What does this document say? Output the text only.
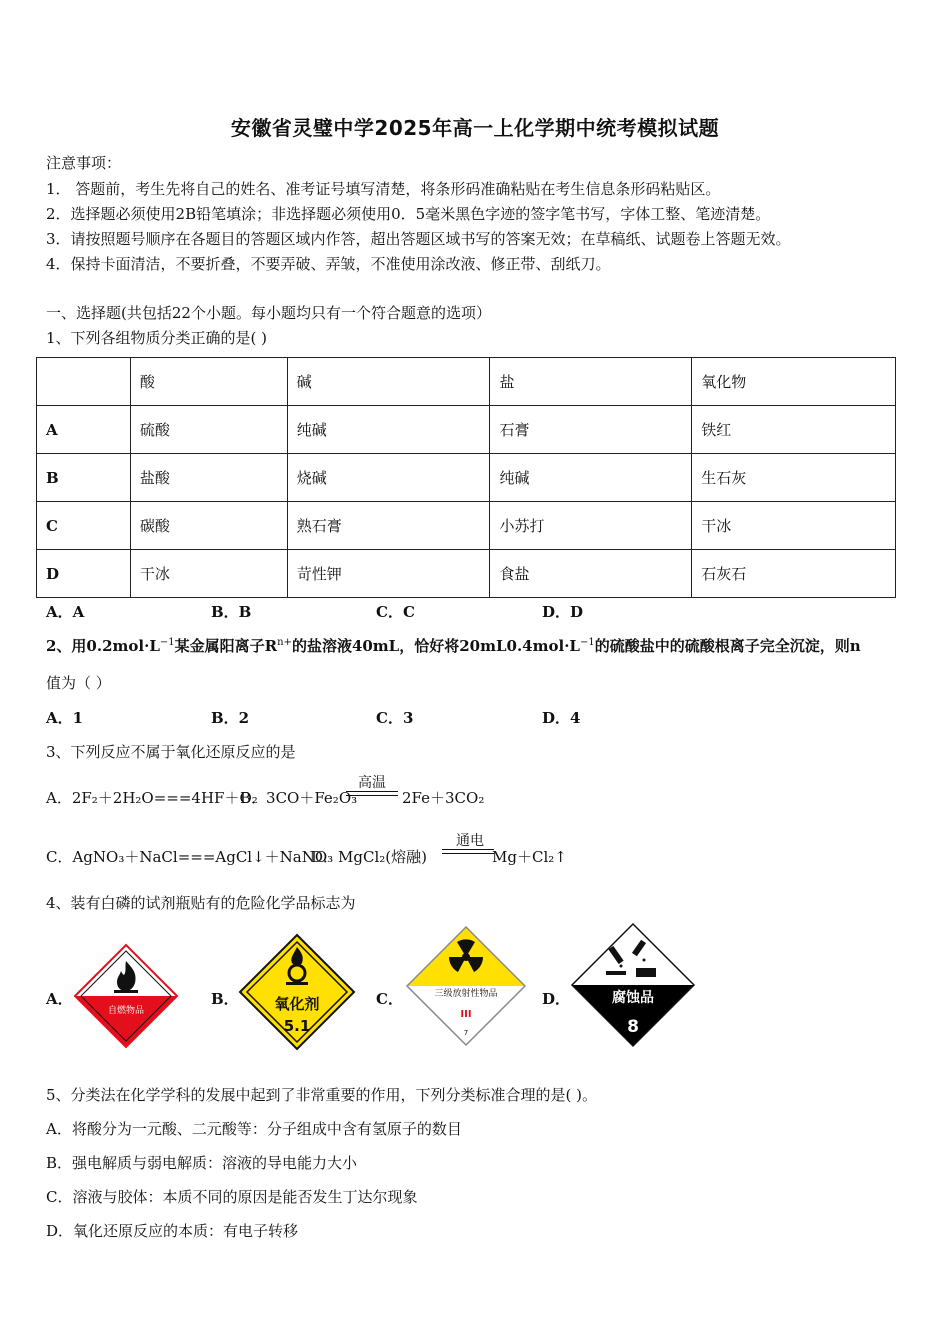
安徽省灵璧中学2025年高一上化学期中统考模拟试题
注意事项：
1． 答题前，考生先将自己的姓名、准考证号填写清楚，将条形码准确粘贴在考生信息条形码粘贴区。
2．选择题必须使用2B铅笔填涂；非选择题必须使用0．5毫米黑色字迹的签字笔书写，字体工整、笔迹清楚。
3．请按照题号顺序在各题目的答题区域内作答，超出答题区域书写的答案无效；在草稿纸、试题卷上答题无效。
4．保持卡面清洁，不要折叠，不要弄破、弄皱，不准使用涂改液、修正带、刮纸刀。
一、选择题(共包括22个小题。每小题均只有一个符合题意的选项）
1、下列各组物质分类正确的是( )
	酸	碱	盐	氧化物
A	硫酸	纯碱	石膏	铁红
B	盐酸	烧碱	纯碱	生石灰
C	碳酸	熟石膏	小苏打	干冰
D	干冰	苛性钾	食盐	石灰石
A．A	B．B	C．C	D．D
2、用$0.2mol\cdot L^{-1}$某金属阳离子$R^{n+}$的盐溶液40mL，恰好将$20mL0.4mol\cdot L^{-1}$的硫酸盐中的硫酸根离子完全沉淀，则n
值为（ ）
A．1	B．2	C．3	D．4
3、下列反应不属于氧化还原反应的是
A．2F₂＋2H₂O===4HF＋O₂
B．3CO＋Fe₂O₃
高温
2Fe＋3CO₂
C．AgNO₃＋NaCl===AgCl↓＋NaNO₃
D．MgCl₂(熔融)
通电
Mg＋Cl₂↑
4、装有白磷的试剂瓶贴有的危险化学品标志为
A．
自燃物品
B． 氧化剂
5.1
C．	三级放射性物品
III
7
D．	腐蚀品
8
5、分类法在化学学科的发展中起到了非常重要的作用，下列分类标准合理的是( )。
A．将酸分为一元酸、二元酸等：分子组成中含有氢原子的数目
B．强电解质与弱电解质：溶液的导电能力大小
C．溶液与胶体：本质不同的原因是能否发生丁达尔现象
D．氧化还原反应的本质：有电子转移
